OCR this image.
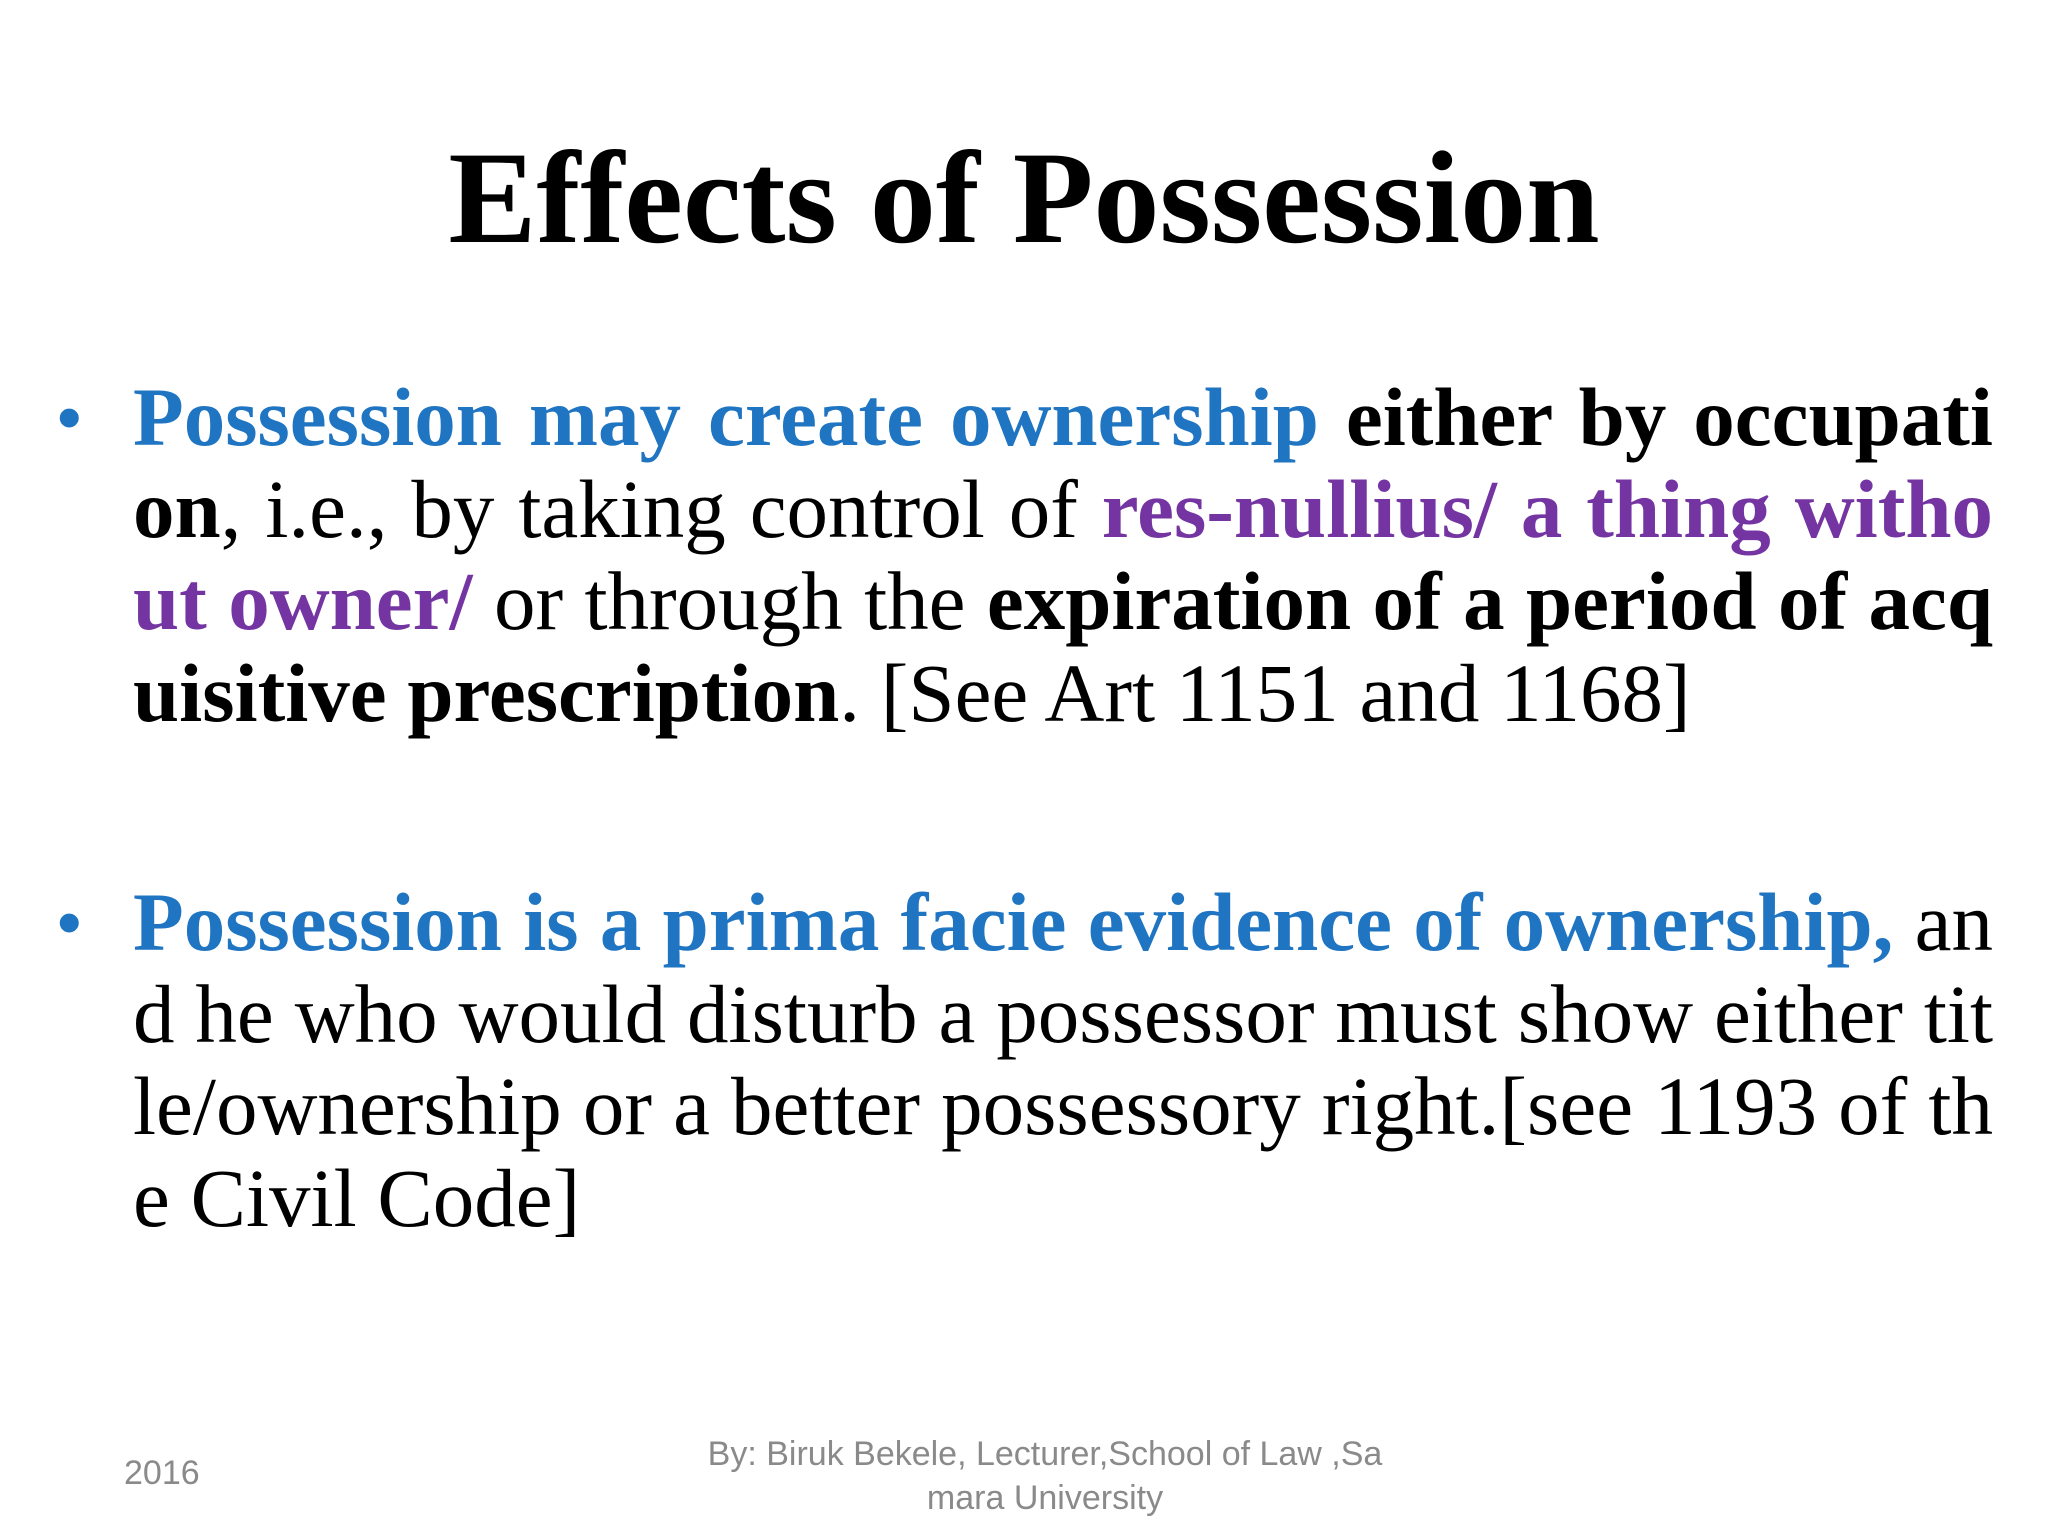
Effects of Possession
• Possession may create ownership either by occupation, i.e., by taking control of res-nullius/ a thing without owner/ or through the expiration of a period of acquisitive prescription. [See Art 1151 and 1168]
• Possession is a prima facie evidence of ownership, and he who would disturb a possessor must show either title/ownership or a better possessory right.[see 1193 of the Civil Code]
2016	By: Biruk Bekele, Lecturer,School of Law ,Samara University
